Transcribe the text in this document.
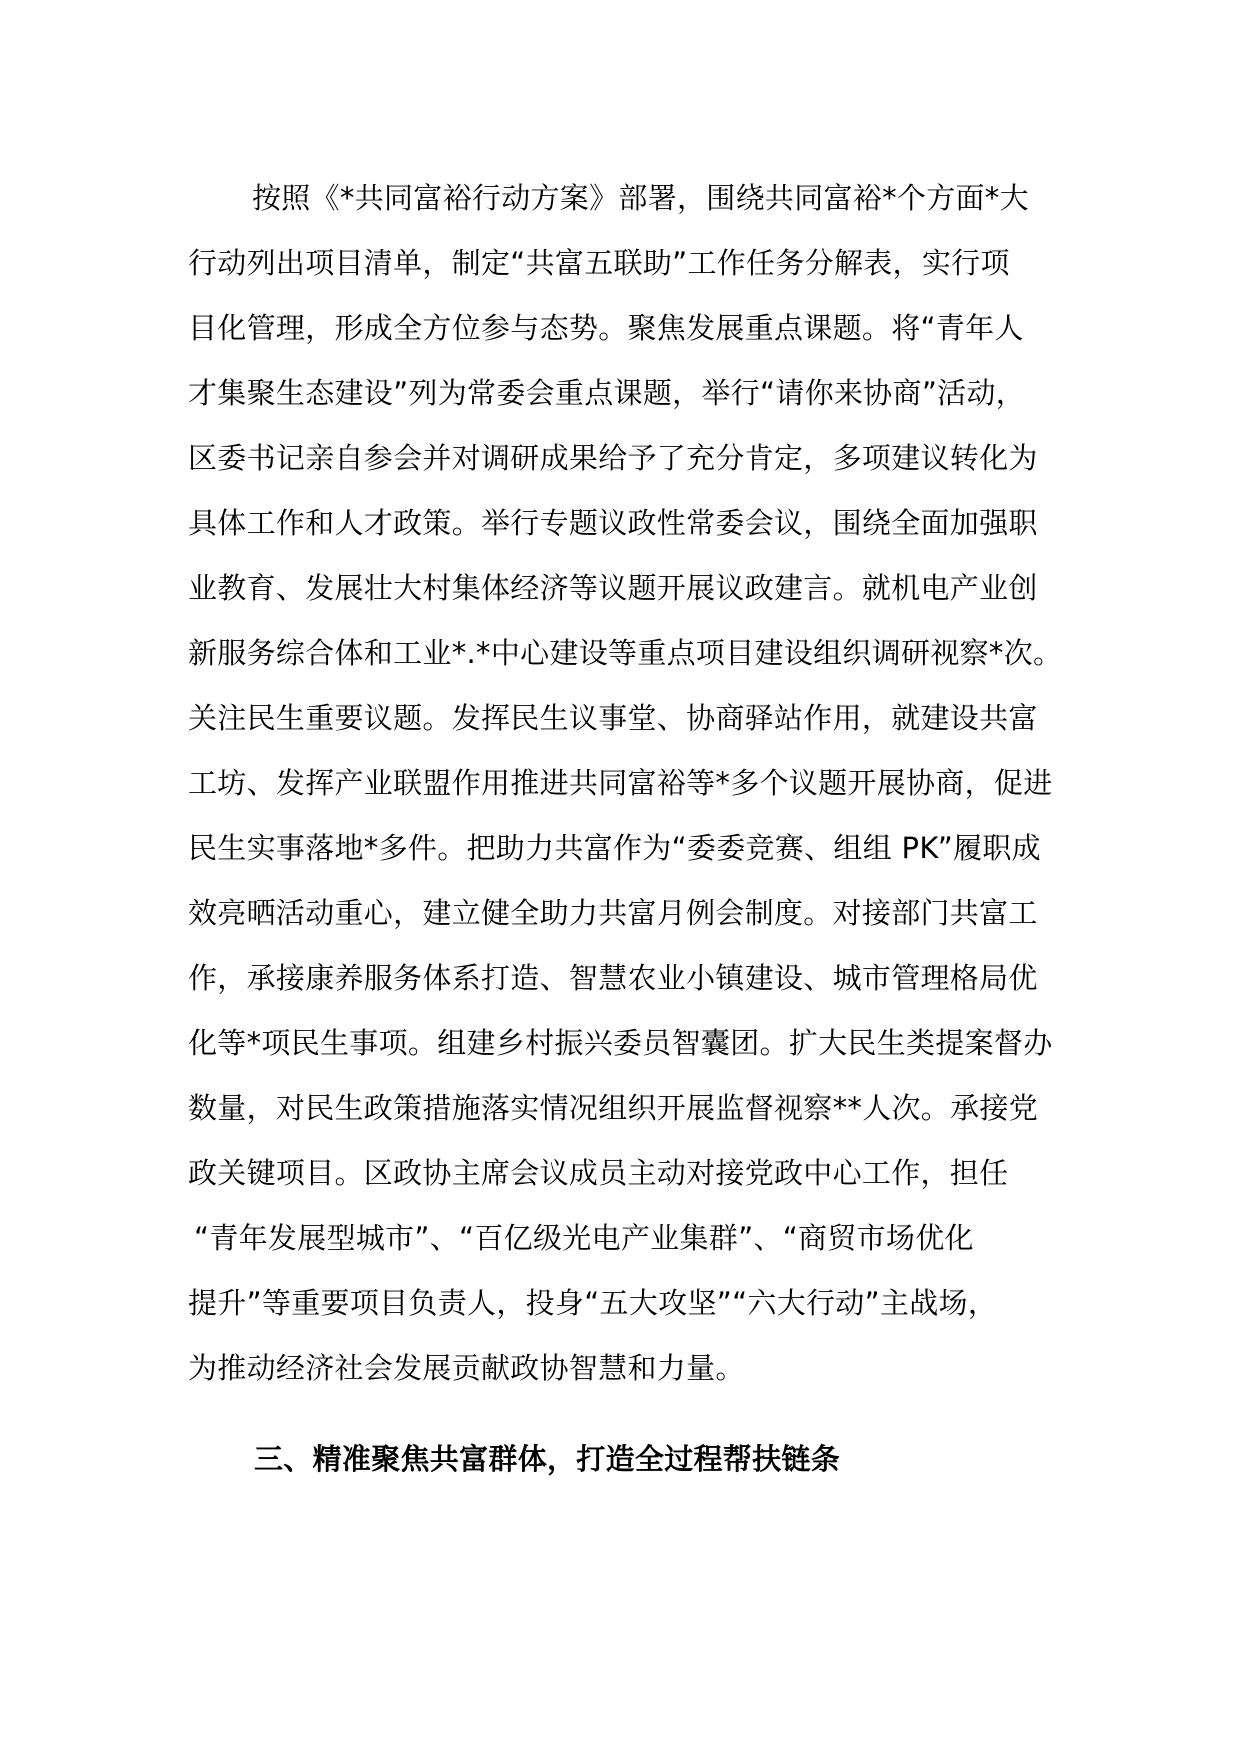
按照《*共同富裕行动方案》部署，围绕共同富裕*个方面*大
行动列出项目清单，制定“共富五联助”工作任务分解表，实行项
目化管理，形成全方位参与态势。聚焦发展重点课题。将“青年人
才集聚生态建设”列为常委会重点课题，举行“请你来协商”活动，
区委书记亲自参会并对调研成果给予了充分肯定，多项建议转化为
具体工作和人才政策。举行专题议政性常委会议，围绕全面加强职
业教育、发展壮大村集体经济等议题开展议政建言。就机电产业创
新服务综合体和工业*.*中心建设等重点项目建设组织调研视察*次。
关注民生重要议题。发挥民生议事堂、协商驿站作用，就建设共富
工坊、发挥产业联盟作用推进共同富裕等*多个议题开展协商，促进
民生实事落地*多件。把助力共富作为“委委竞赛、组组 PK”履职成
效亮晒活动重心，建立健全助力共富月例会制度。对接部门共富工
作，承接康养服务体系打造、智慧农业小镇建设、城市管理格局优
化等*项民生事项。组建乡村振兴委员智囊团。扩大民生类提案督办
数量，对民生政策措施落实情况组织开展监督视察**人次。承接党
政关键项目。区政协主席会议成员主动对接党政中心工作，担任
“青年发展型城市”、“百亿级光电产业集群”、“商贸市场优化
提升”等重要项目负责人，投身“五大攻坚”“六大行动”主战场，
为推动经济社会发展贡献政协智慧和力量。
三、精准聚焦共富群体，打造全过程帮扶链条
